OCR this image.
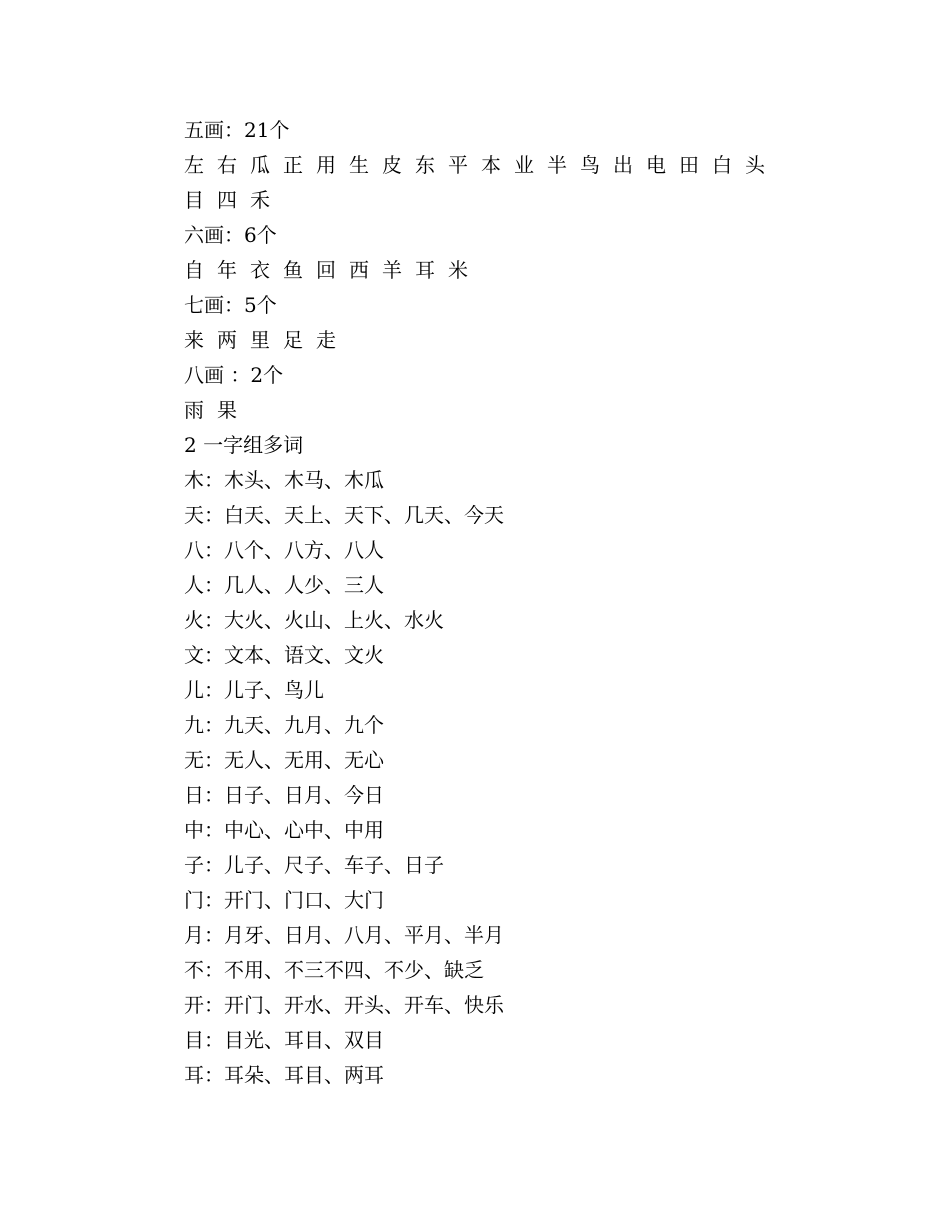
五画：21个
左 右 瓜 正 用 生 皮 东 平 本 业 半 鸟 出 电 田 白 头
目 四 禾
六画：6个
自 年 衣 鱼 回 西 羊 耳 米
七画：5个
来 两 里 足 走
八画 ：2个
雨 果
2 一字组多词
木：木头、木马、木瓜
天：白天、天上、天下、几天、今天
八：八个、八方、八人
人：几人、人少、三人
火：大火、火山、上火、水火
文：文本、语文、文火
儿：儿子、鸟儿
九：九天、九月、九个
无：无人、无用、无心
日：日子、日月、今日
中：中心、心中、中用
子：儿子、尺子、车子、日子
门：开门、门口、大门
月：月牙、日月、八月、平月、半月
不：不用、不三不四、不少、缺乏
开：开门、开水、开头、开车、快乐
目：目光、耳目、双目
耳：耳朵、耳目、两耳
